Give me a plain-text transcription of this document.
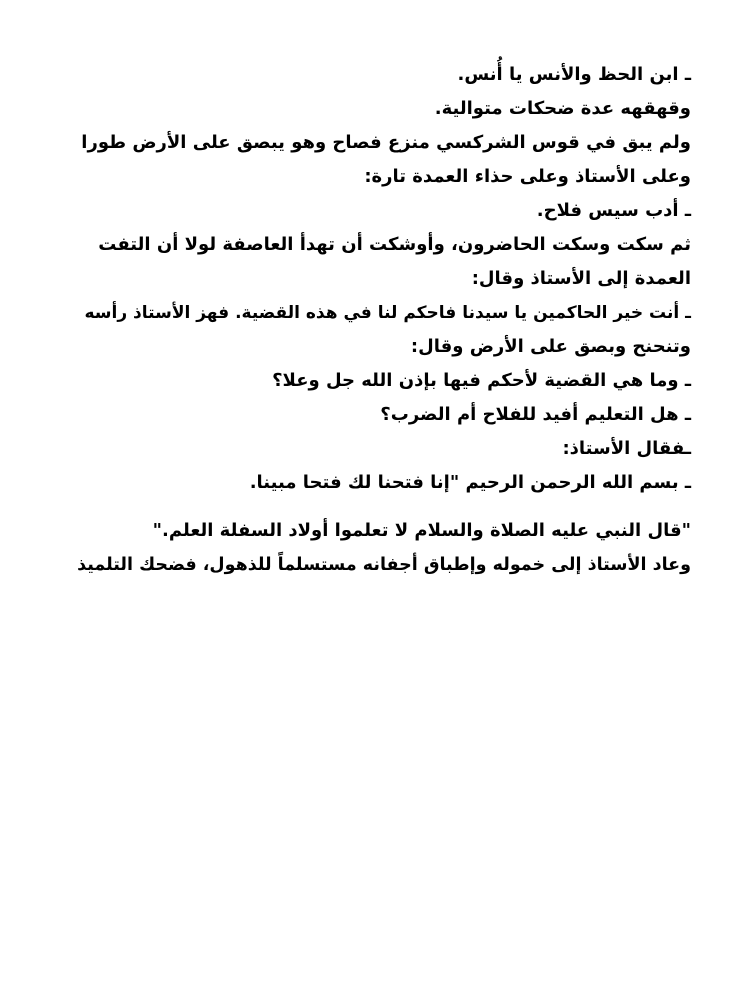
ـ ابن الحظ والأنس يا أُنس.
وقهقهه عدة ضحكات متوالية.
ولم يبق في قوس الشركسي منزع فصاح وهو يبصق على الأرض طورا
وعلى الأستاذ وعلى حذاء العمدة تارة:
ـ أدب سيس فلاح.
ثم سكت وسكت الحاضرون، وأوشكت أن تهدأ العاصفة لولا أن التفت
العمدة إلى الأستاذ وقال:
ـ أنت خير الحاكمين يا سيدنا فاحكم لنا في هذه القضية. فهز الأستاذ رأسه
وتنحنح وبصق على الأرض وقال:
ـ وما هي القضية لأحكم فيها بإذن الله جل وعلا؟
ـ هل التعليم أفيد للفلاح أم الضرب؟
ـفقال الأستاذ:
ـ بسم الله الرحمن الرحيم "إنا فتحنا لك فتحا مبينا.
"قال النبي عليه الصلاة والسلام لا تعلموا أولاد السفلة العلم."
وعاد الأستاذ إلى خموله وإطباق أجفانه مستسلماً للذهول، فضحك التلميذ
